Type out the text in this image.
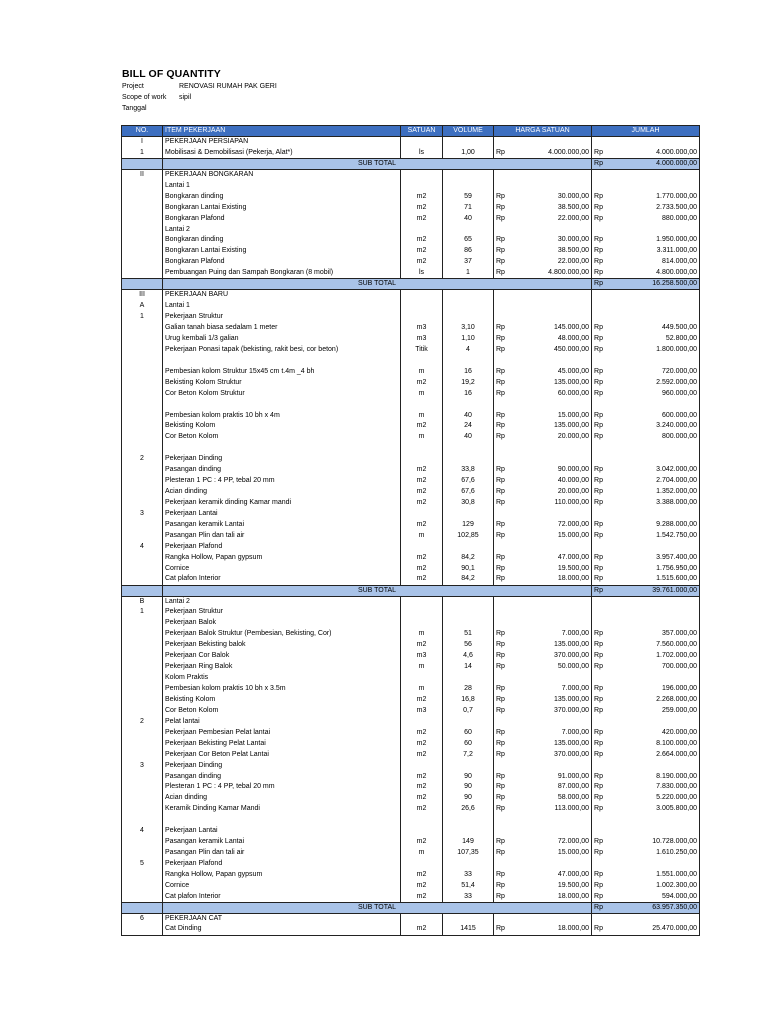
BILL OF QUANTITY
Project	RENOVASI RUMAH PAK GERI
Scope of work sipil
Tanggal
NO.	ITEM PEKERJAAN	SATUAN	VOLUME	HARGA SATUAN		JUMLAH	
I	PEKERJAAN PERSIAPAN						
1	Mobilisasi & Demobilisasi (Pekerja, Alat*)	ls	1,00	Rp	4.000.000,00	Rp	4.000.000,00
	SUB TOTAL					Rp	4.000.000,00
II	PEKERJAAN BONGKARAN						
	Lantai 1						
	Bongkaran dinding	m2	59	Rp	30.000,00	Rp	1.770.000,00
	Bongkaran Lantai Existing	m2	71	Rp	38.500,00	Rp	2.733.500,00
	Bongkaran Plafond	m2	40	Rp	22.000,00	Rp	880.000,00
	Lantai 2						
	Bongkaran dinding	m2	65	Rp	30.000,00	Rp	1.950.000,00
	Bongkaran Lantai Existing	m2	86	Rp	38.500,00	Rp	3.311.000,00
	Bongkaran Plafond	m2	37	Rp	22.000,00	Rp	814.000,00
	Pembuangan Puing dan Sampah Bongkaran (8 mobil)	ls	1	Rp	4.800.000,00	Rp	4.800.000,00
	SUB TOTAL					Rp	16.258.500,00
III	PEKERJAAN BARU						
A	Lantai 1						
1	Pekerjaan Struktur						
	Galian tanah biasa sedalam 1 meter	m3	3,10	Rp	145.000,00	Rp	449.500,00
	Urug kembali 1/3 galian	m3	1,10	Rp	48.000,00	Rp	52.800,00
	Pekerjaan Ponasi tapak (bekisting, rakit besi, cor beton)	Titik	4	Rp	450.000,00	Rp	1.800.000,00

	Pembesian kolom Struktur 15x45 cm t.4m _4 bh	m	16	Rp	45.000,00	Rp	720.000,00
	Bekisting Kolom Struktur	m2	19,2	Rp	135.000,00	Rp	2.592.000,00
	Cor Beton Kolom Struktur	m	16	Rp	60.000,00	Rp	960.000,00

	Pembesian kolom praktis 10 bh x 4m	m	40	Rp	15.000,00	Rp	600.000,00
	Bekisting Kolom	m2	24	Rp	135.000,00	Rp	3.240.000,00
	Cor Beton Kolom	m	40	Rp	20.000,00	Rp	800.000,00

2	Pekerjaan Dinding						
	Pasangan dinding	m2	33,8	Rp	90.000,00	Rp	3.042.000,00
	Plesteran 1 PC : 4 PP, tebal 20 mm	m2	67,6	Rp	40.000,00	Rp	2.704.000,00
	Acian dinding	m2	67,6	Rp	20.000,00	Rp	1.352.000,00
	Pekerjaan keramik dinding Kamar mandi	m2	30,8	Rp	110.000,00	Rp	3.388.000,00
3	Pekerjaan Lantai						
	Pasangan keramik Lantai	m2	129	Rp	72.000,00	Rp	9.288.000,00
	Pasangan Plin dan tali air	m	102,85	Rp	15.000,00	Rp	1.542.750,00
4	Pekerjaan Plafond						
	Rangka Hollow, Papan gypsum	m2	84,2	Rp	47.000,00	Rp	3.957.400,00
	Cornice	m2	90,1	Rp	19.500,00	Rp	1.756.950,00
	Cat plafon Interior	m2	84,2	Rp	18.000,00	Rp	1.515.600,00
	SUB TOTAL					Rp	39.761.000,00
B	Lantai 2						
1	Pekerjaan Struktur						
	Pekerjaan Balok						
	Pekerjaan Balok Struktur (Pembesian, Bekisting, Cor)	m	51	Rp	7.000,00	Rp	357.000,00
	Pekerjaan Bekisting balok	m2	56	Rp	135.000,00	Rp	7.560.000,00
	Pekerjaan Cor Balok	m3	4,6	Rp	370.000,00	Rp	1.702.000,00
	Pekerjaan Ring Balok	m	14	Rp	50.000,00	Rp	700.000,00
	Kolom Praktis						
	Pembesian kolom praktis 10 bh x 3.5m	m	28	Rp	7.000,00	Rp	196.000,00
	Bekisting Kolom	m2	16,8	Rp	135.000,00	Rp	2.268.000,00
	Cor Beton Kolom	m3	0,7	Rp	370.000,00	Rp	259.000,00
2	Pelat lantai						
	Pekerjaan Pembesian Pelat lantai	m2	60	Rp	7.000,00	Rp	420.000,00
	Pekerjaan Bekisting Pelat Lantai	m2	60	Rp	135.000,00	Rp	8.100.000,00
	Pekerjaan Cor Beton Pelat Lantai	m2	7,2	Rp	370.000,00	Rp	2.664.000,00
3	Pekerjaan Dinding						
	Pasangan dinding	m2	90	Rp	91.000,00	Rp	8.190.000,00
	Plesteran 1 PC : 4 PP, tebal 20 mm	m2	90	Rp	87.000,00	Rp	7.830.000,00
	Acian dinding	m2	90	Rp	58.000,00	Rp	5.220.000,00
	Keramik Dinding Kamar Mandi	m2	26,6	Rp	113.000,00	Rp	3.005.800,00

4	Pekerjaan Lantai						
	Pasangan keramik Lantai	m2	149	Rp	72.000,00	Rp	10.728.000,00
	Pasangan Plin dan tali air	m	107,35	Rp	15.000,00	Rp	1.610.250,00
5	Pekerjaan Plafond						
	Rangka Hollow, Papan gypsum	m2	33	Rp	47.000,00	Rp	1.551.000,00
	Cornice	m2	51,4	Rp	19.500,00	Rp	1.002.300,00
	Cat plafon Interior	m2	33	Rp	18.000,00	Rp	594.000,00
	SUB TOTAL					Rp	63.957.350,00
6	PEKERJAAN CAT						
	Cat Dinding	m2	1415	Rp	18.000,00	Rp	25.470.000,00
